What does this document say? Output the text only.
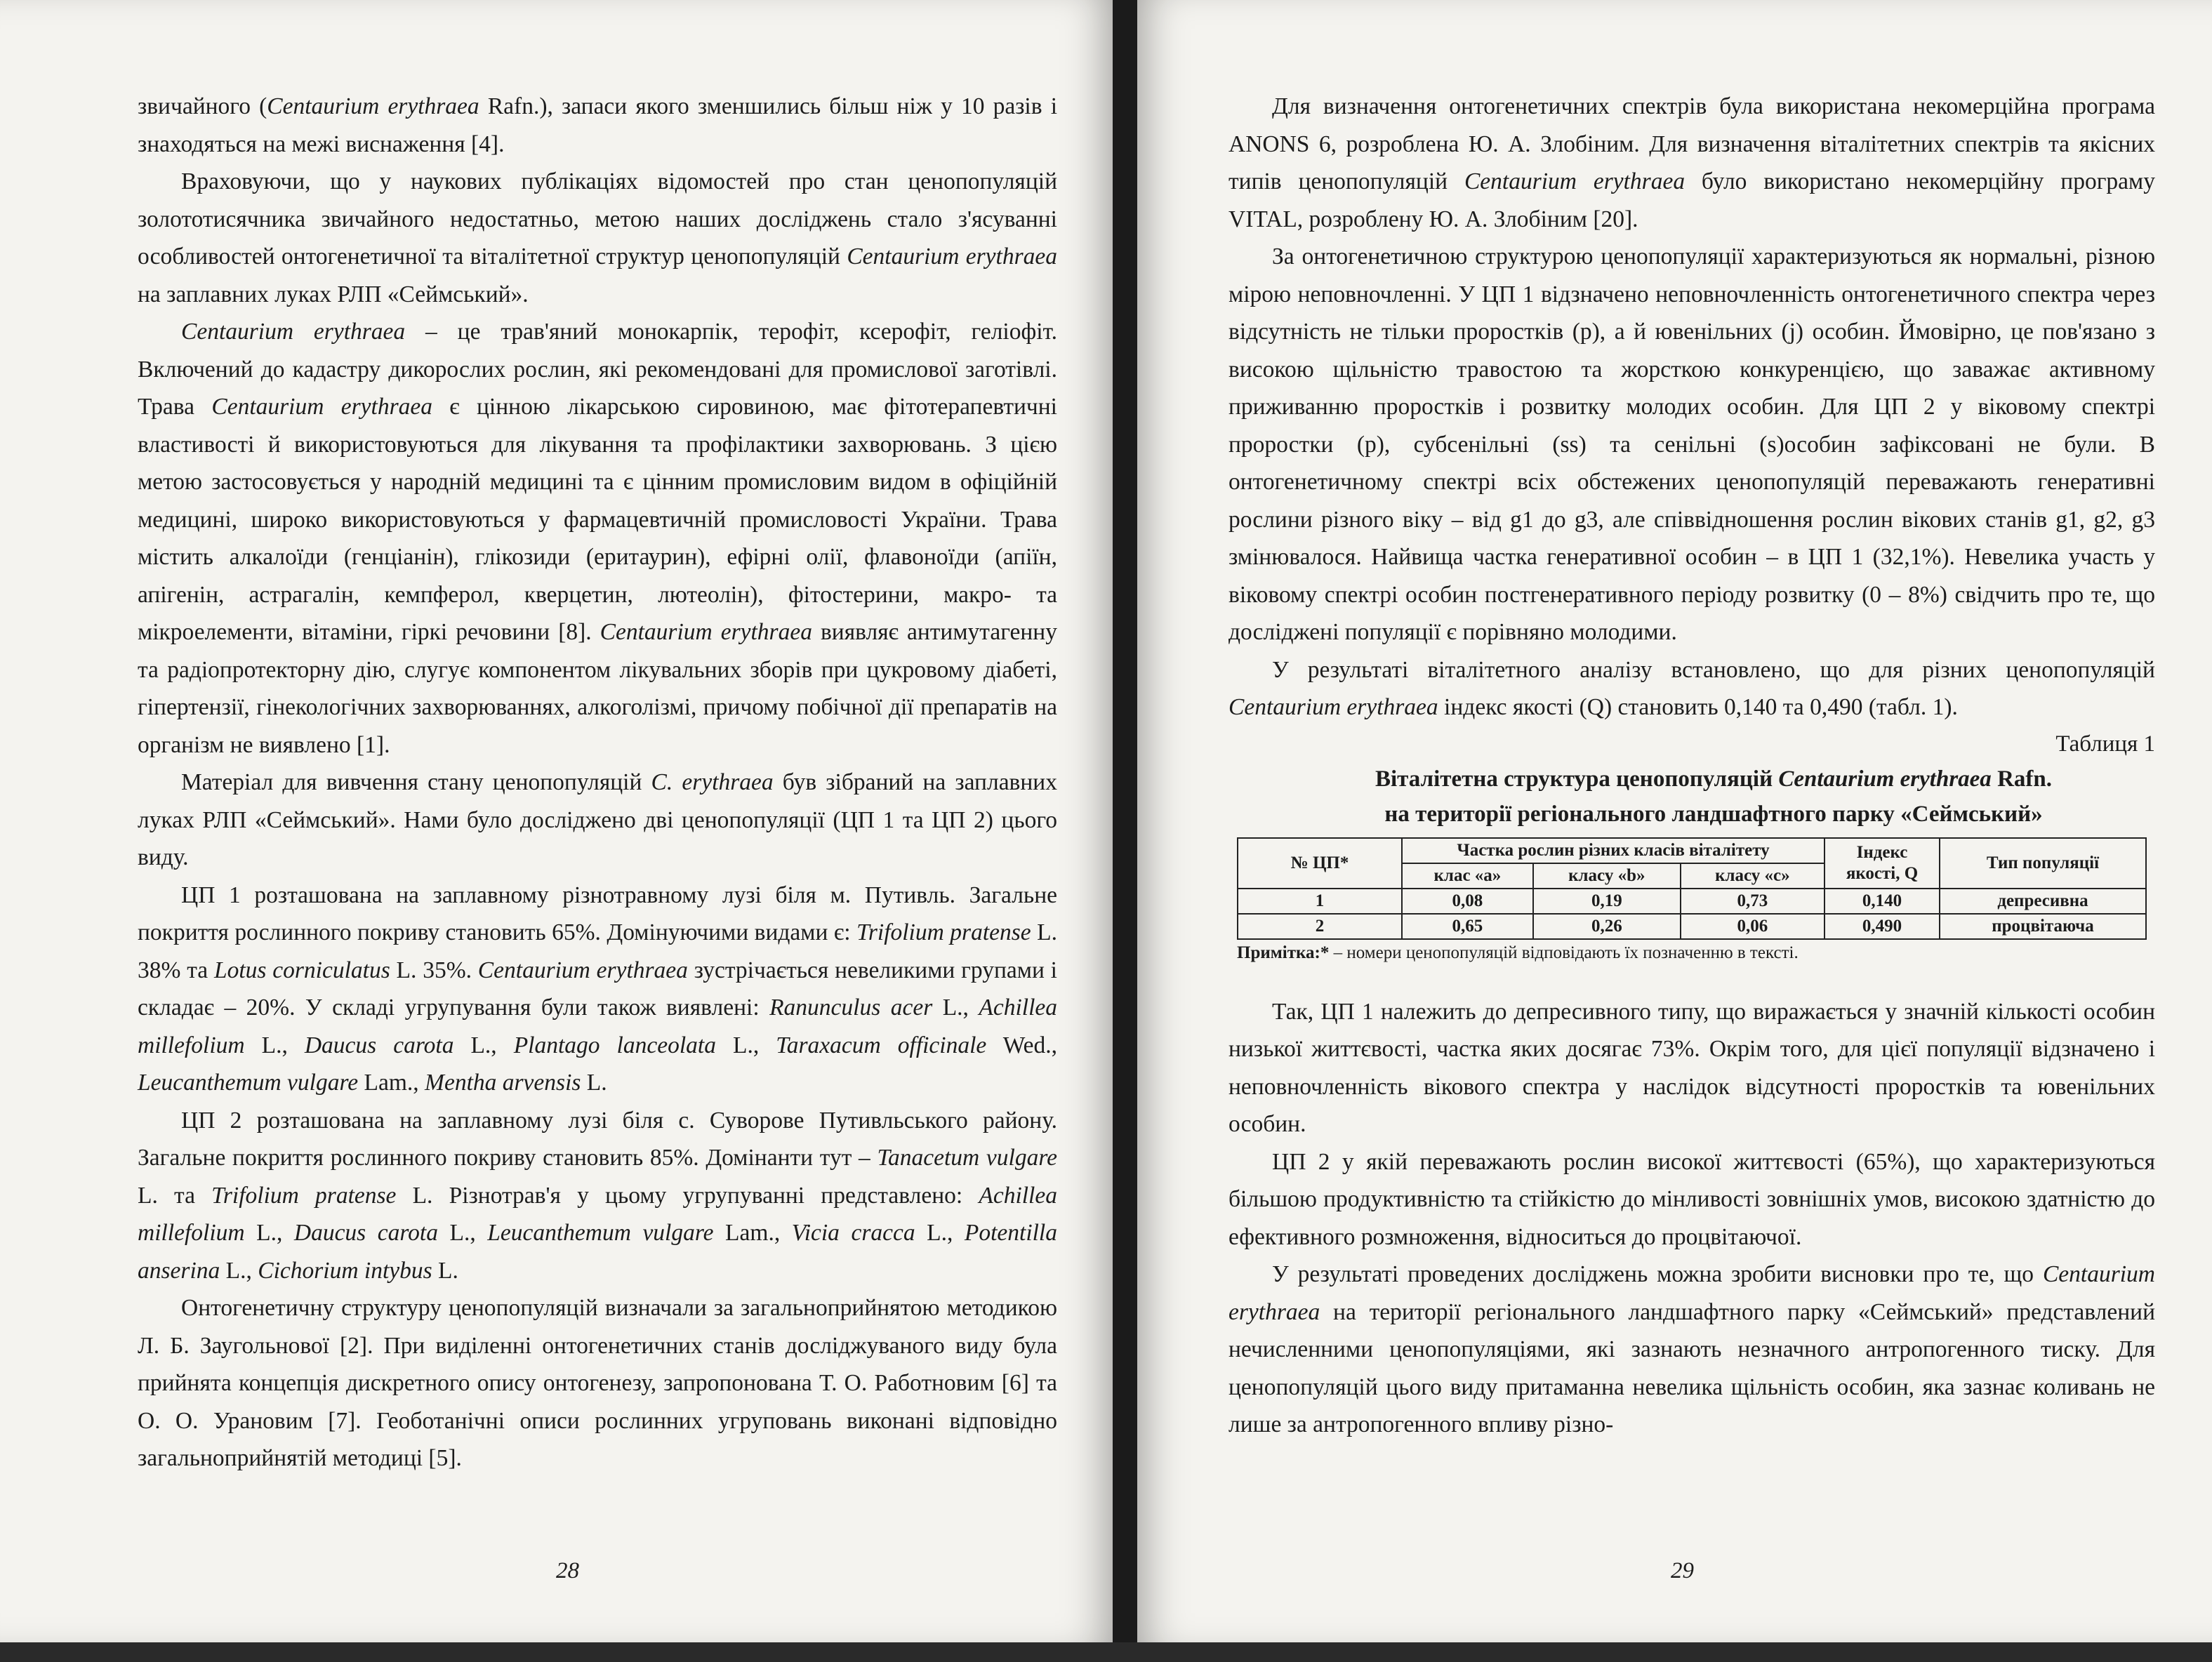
звичайного (Centaurium erythraea Rafn.), запаси якого зменшились більш ніж у 10 разів і знаходяться на межі виснаження [4].

Враховуючи, що у наукових публікаціях відомостей про стан ценопопуляцій золототисячника звичайного недостатньо, метою наших досліджень стало з'ясуванні особливостей онтогенетичної та віталітетної структур ценопопуляцій Centaurium erythraea на заплавних луках РЛП «Сеймський».

Centaurium erythraea – це трав'яний монокарпік, терофіт, ксерофіт, геліофіт. Включений до кадастру дикорослих рослин, які рекомендовані для промислової заготівлі. Трава Centaurium erythraea є цінною лікарською сировиною, має фітотерапевтичні властивості й використовуються для лікування та профілактики захворювань. З цією метою застосовується у народній медицині та є цінним промисловим видом в офіційній медицині, широко використовуються у фармацевтичній промисловості України. Трава містить алкалоїди (генціанін), глікозиди (еритаурин), ефірні олії, флавоноїди (апіїн, апігенін, астрагалін, кемпферол, кверцетин, лютеолін), фітостерини, макро- та мікроелементи, вітаміни, гіркі речовини [8]. Centaurium erythraea виявляє антимутагенну та радіопротекторну дію, слугує компонентом лікувальних зборів при цукровому діабеті, гіпертензії, гінекологічних захворюваннях, алкоголізмі, причому побічної дії препаратів на організм не виявлено [1].

Матеріал для вивчення стану ценопопуляцій C. erythraea був зібраний на заплавних луках РЛП «Сеймський». Нами було досліджено дві ценопопуляції (ЦП 1 та ЦП 2) цього виду.

ЦП 1 розташована на заплавному різнотравному лузі біля м. Путивль. Загальне покриття рослинного покриву становить 65%. Домінуючими видами є: Trifolium pratense L. 38% та Lotus corniculatus L. 35%. Centaurium erythraea зустрічається невеликими групами і складає – 20%. У складі угрупування були також виявлені: Ranunculus acer L., Achillea millefolium L., Daucus carota L., Plantago lanceolata L., Taraxacum officinale Wed., Leucanthemum vulgare Lam., Mentha arvensis L.

ЦП 2 розташована на заплавному лузі біля с. Суворове Путивльського району. Загальне покриття рослинного покриву становить 85%. Домінанти тут – Tanacetum vulgare L. та Trifolium pratense L. Різнотрав'я у цьому угрупуванні представлено: Achillea millefolium L., Daucus carota L., Leucanthemum vulgare Lam., Vicia cracca L., Potentilla anserina L., Cichorium intybus L.

Онтогенетичну структуру ценопопуляцій визначали за загальноприйнятою методикою Л. Б. Заугольнової [2]. При виділенні онтогенетичних станів досліджуваного виду була прийнята концепція дискретного опису онтогенезу, запропонована Т. О. Работновим [6] та О. О. Урановим [7]. Геоботанічні описи рослинних угруповань виконані відповідно загальноприйнятій методиці [5].

28

Для визначення онтогенетичних спектрів була використана некомерційна програма ANONS 6, розроблена Ю. А. Злобіним. Для визначення віталітетних спектрів та якісних типів ценопопуляцій Centaurium erythraea було використано некомерційну програму VITAL, розроблену Ю. А. Злобіним [20].

За онтогенетичною структурою ценопопуляції характеризуються як нормальні, різною мірою неповночленні. У ЦП 1 відзначено неповночленність онтогенетичного спектра через відсутність не тільки проростків (p), а й ювенільних (j) особин. Ймовірно, це пов'язано з високою щільністю травостою та жорсткою конкуренцією, що заважає активному приживанню проростків і розвитку молодих особин. Для ЦП 2 у віковому спектрі проростки (p), субсенільні (ss) та сенільні (s)особин зафіксовані не були. В онтогенетичному спектрі всіх обстежених ценопопуляцій переважають генеративні рослини різного віку – від g1 до g3, але співвідношення рослин вікових станів g1, g2, g3 змінювалося. Найвища частка генеративної особин – в ЦП 1 (32,1%). Невелика участь у віковому спектрі особин постгенеративного періоду розвитку (0 – 8%) свідчить про те, що досліджені популяції є порівняно молодими.

У результаті віталітетного аналізу встановлено, що для різних ценопопуляцій Centaurium erythraea індекс якості (Q) становить 0,140 та 0,490 (табл. 1).

Таблиця 1

Віталітетна структура ценопопуляцій Centaurium erythraea Rafn.

на території регіонального ландшафтного парку «Сеймський»

№ ЦП*	Частка рослин різних класів віталітету			Індекс якості, Q	Тип популяції
	клас «а»	класу «b»	класу «с»		
1	0,08	0,19	0,73	0,140	депресивна
2	0,65	0,26	0,06	0,490	процвітаюча
Примітка:* – номери ценопопуляцій відповідають їх позначенню в тексті.

Так, ЦП 1 належить до депресивного типу, що виражається у значній кількості особин низької життєвості, частка яких досягає 73%. Окрім того, для цієї популяції відзначено і неповночленність вікового спектра у наслідок відсутності проростків та ювенільних особин.

ЦП 2 у якій переважають рослин високої життєвості (65%), що характеризуються більшою продуктивністю та стійкістю до мінливості зовнішніх умов, високою здатністю до ефективного розмноження, відноситься до процвітаючої.

У результаті проведених досліджень можна зробити висновки про те, що Centaurium erythraea на території регіонального ландшафтного парку «Сеймський» представлений нечисленними ценопопуляціями, які зазнають незначного антропогенного тиску. Для ценопопуляцій цього виду притаманна невелика щільність особин, яка зазнає коливань не лише за антропогенного впливу різно-

29
